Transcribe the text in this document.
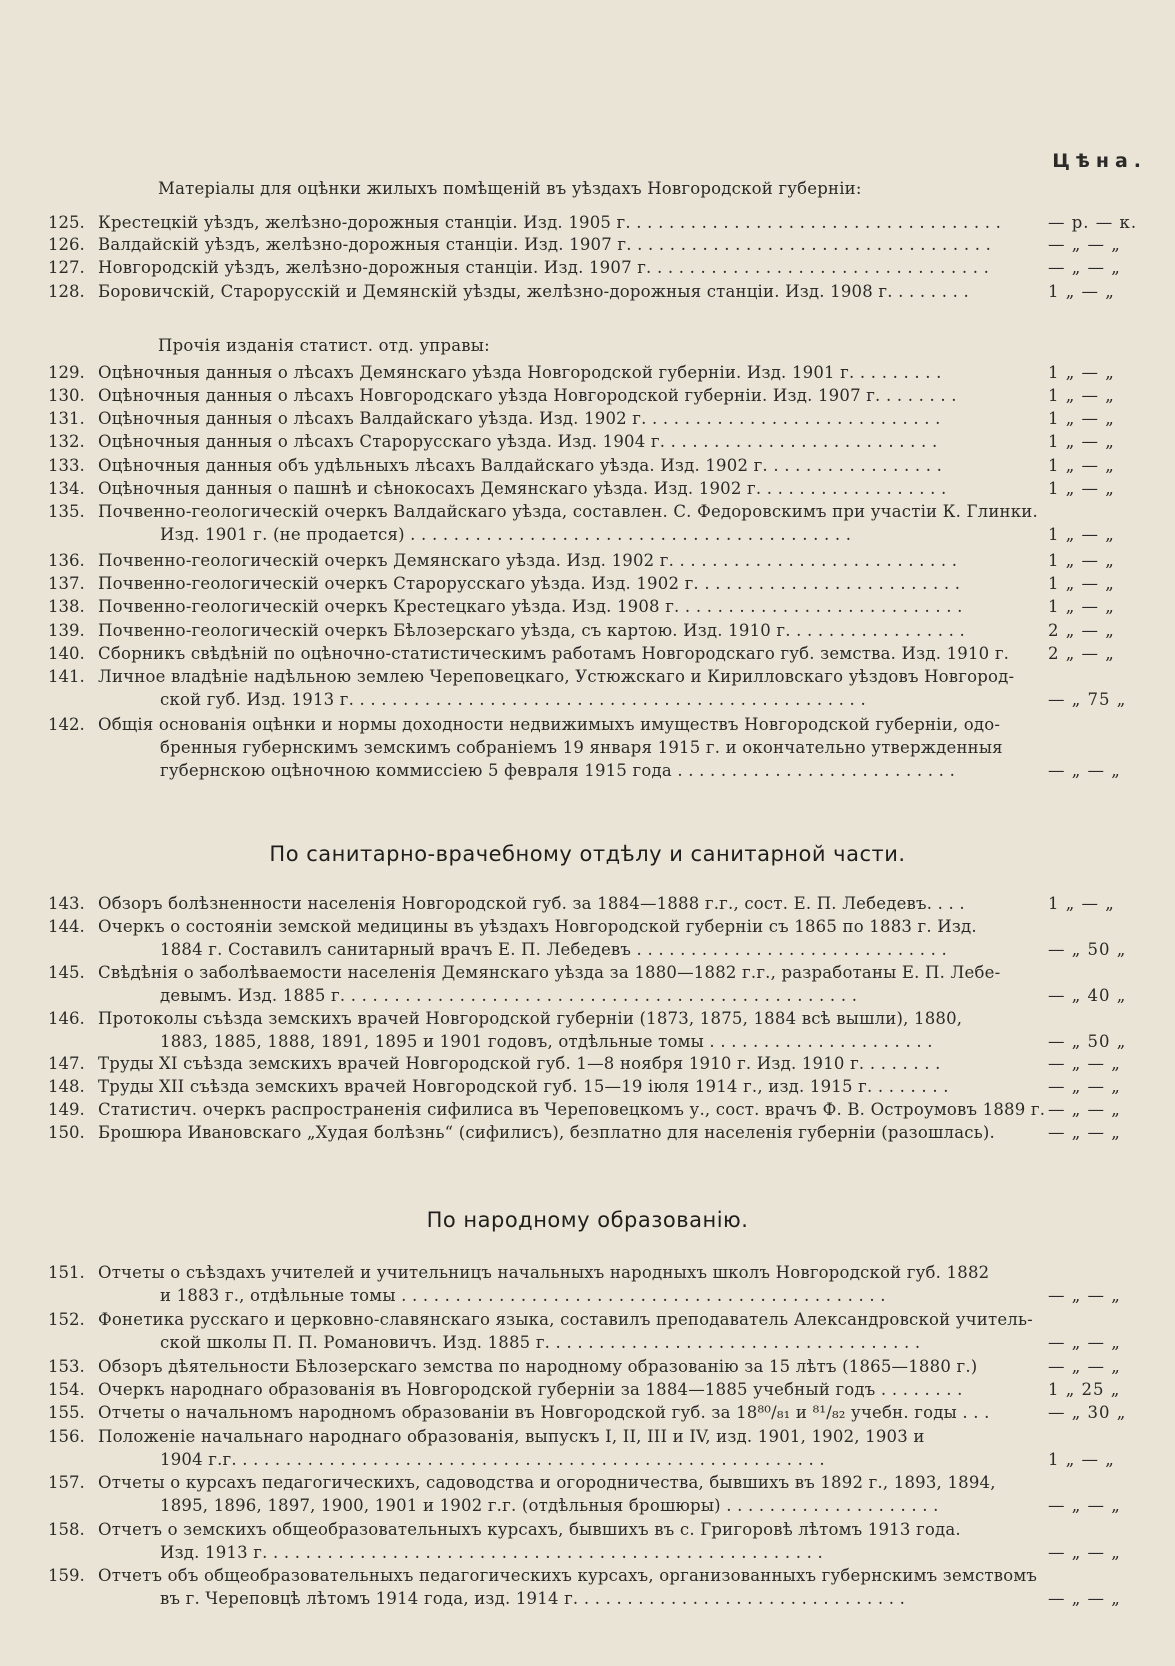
Цѣна.
Матеріалы для оцѣнки жилыхъ помѣщеній въ уѣздахъ Новгородской губерніи:
Прочія изданія статист. отд. управы:
По санитарно-врачебному отдѣлу и санитарной части.
По народному образованію.
125. Крестецкій уѣздъ, желѣзно-дорожныя станціи. Изд. 1905 г. . . . . . . . . . . . . . . . . . . . . . . . . . . . . . . . . . .	— р. — к.
126. Валдайскій уѣздъ, желѣзно-дорожныя станціи. Изд. 1907 г. . . . . . . . . . . . . . . . . . . . . . . . . . . . . . . . . .	— „ — „
127. Новгородскій уѣздъ, желѣзно-дорожныя станціи. Изд. 1907 г. . . . . . . . . . . . . . . . . . . . . . . . . . . . . . . .	— „ — „
128. Боровичскій, Старорусскій и Демянскій уѣзды, желѣзно-дорожныя станціи. Изд. 1908 г. . . . . . . .	1 „ — „
129. Оцѣночныя данныя о лѣсахъ Демянскаго уѣзда Новгородской губерніи. Изд. 1901 г. . . . . . . . .	1 „ — „
130. Оцѣночныя данныя о лѣсахъ Новгородскаго уѣзда Новгородской губерніи. Изд. 1907 г. . . . . . . .	1 „ — „
131. Оцѣночныя данныя о лѣсахъ Валдайскаго уѣзда. Изд. 1902 г. . . . . . . . . . . . . . . . . . . . . . . . . . . .	1 „ — „
132. Оцѣночныя данныя о лѣсахъ Старорусскаго уѣзда. Изд. 1904 г. . . . . . . . . . . . . . . . . . . . . . . . . .	1 „ — „
133. Оцѣночныя данныя объ удѣльныхъ лѣсахъ Валдайскаго уѣзда. Изд. 1902 г. . . . . . . . . . . . . . . . .	1 „ — „
134. Оцѣночныя данныя о пашнѣ и сѣнокосахъ Демянскаго уѣзда. Изд. 1902 г. . . . . . . . . . . . . . . . . .	1 „ — „
135. Почвенно-геологическій очеркъ Валдайскаго уѣзда, составлен. С. Федоровскимъ при участіи К. Глинки.
Изд. 1901 г. (не продается) . . . . . . . . . . . . . . . . . . . . . . . . . . . . . . . . . . . . . . . . .	1 „ — „
136. Почвенно-геологическій очеркъ Демянскаго уѣзда. Изд. 1902 г. . . . . . . . . . . . . . . . . . . . . . . . . . .	1 „ — „
137. Почвенно-геологическій очеркъ Старорусскаго уѣзда. Изд. 1902 г. . . . . . . . . . . . . . . . . . . . . . . . .	1 „ — „
138. Почвенно-геологическій очеркъ Крестецкаго уѣзда. Изд. 1908 г. . . . . . . . . . . . . . . . . . . . . . . . . . .	1 „ — „
139. Почвенно-геологическій очеркъ Бѣлозерскаго уѣзда, съ картою. Изд. 1910 г. . . . . . . . . . . . . . . . .	2 „ — „
140. Сборникъ свѣдѣній по оцѣночно-статистическимъ работамъ Новгородскаго губ. земства. Изд. 1910 г.	2 „ — „
141. Личное владѣніе надѣльною землею Череповецкаго, Устюжскаго и Кирилловскаго уѣздовъ Новгород-
ской губ. Изд. 1913 г. . . . . . . . . . . . . . . . . . . . . . . . . . . . . . . . . . . . . . . . . . . . . . . .	— „ 75 „
142. Общія основанія оцѣнки и нормы доходности недвижимыхъ имуществъ Новгородской губерніи, одо-
бренныя губернскимъ земскимъ собраніемъ 19 января 1915 г. и окончательно утвержденныя
губернскою оцѣночною коммиссіею 5 февраля 1915 года . . . . . . . . . . . . . . . . . . . . . . . . . .	— „ — „
143. Обзоръ болѣзненности населенія Новгородской губ. за 1884—1888 г.г., сост. Е. П. Лебедевъ. . . .	1 „ — „
144. Очеркъ о состояніи земской медицины въ уѣздахъ Новгородской губерніи съ 1865 по 1883 г. Изд.
1884 г. Составилъ санитарный врачъ Е. П. Лебедевъ . . . . . . . . . . . . . . . . . . . . . . . . . . . . .	— „ 50 „
145. Свѣдѣнія о заболѣваемости населенія Демянскаго уѣзда за 1880—1882 г.г., разработаны Е. П. Лебе-
девымъ. Изд. 1885 г. . . . . . . . . . . . . . . . . . . . . . . . . . . . . . . . . . . . . . . . . . . . . . . .	— „ 40 „
146. Протоколы съѣзда земскихъ врачей Новгородской губерніи (1873, 1875, 1884 всѣ вышли), 1880,
1883, 1885, 1888, 1891, 1895 и 1901 годовъ, отдѣльные томы . . . . . . . . . . . . . . . . . . . . .	— „ 50 „
147. Труды XI съѣзда земскихъ врачей Новгородской губ. 1—8 ноября 1910 г. Изд. 1910 г. . . . . . . .	— „ — „
148. Труды XII съѣзда земскихъ врачей Новгородской губ. 15—19 іюля 1914 г., изд. 1915 г. . . . . . . .	— „ — „
149. Статистич. очеркъ распространенія сифилиса въ Череповецкомъ у., сост. врачъ Ф. В. Остроумовъ 1889 г. — „ — „
150. Брошюра Ивановскаго „Худая болѣзнь“ (сифилисъ), безплатно для населенія губерніи (разошлась).	— „ — „
151. Отчеты о съѣздахъ учителей и учительницъ начальныхъ народныхъ школъ Новгородской губ. 1882
и 1883 г., отдѣльные томы . . . . . . . . . . . . . . . . . . . . . . . . . . . . . . . . . . . . . . . . . . . . .	— „ — „
152. Фонетика русскаго и церковно-славянскаго языка, составилъ преподаватель Александровской учитель-
ской школы П. П. Романовичъ. Изд. 1885 г. . . . . . . . . . . . . . . . . . . . . . . . . . . . . . . . . . .	— „ — „
153. Обзоръ дѣятельности Бѣлозерскаго земства по народному образованію за 15 лѣтъ (1865—1880 г.)	— „ — „
154. Очеркъ народнаго образованія въ Новгородской губерніи за 1884—1885 учебный годъ . . . . . . . .	1 „ 25 „
155. Отчеты о начальномъ народномъ образованіи въ Новгородской губ. за 18⁸⁰/₈₁ и ⁸¹/₈₂ учебн. годы . . .	— „ 30 „
156. Положеніе начальнаго народнаго образованія, выпускъ I, II, III и IV, изд. 1901, 1902, 1903 и
1904 г.г. . . . . . . . . . . . . . . . . . . . . . . . . . . . . . . . . . . . . . . . . . . . . . . . . . . . . . .	1 „ — „
157. Отчеты о курсахъ педагогическихъ, садоводства и огородничества, бывшихъ въ 1892 г., 1893, 1894,
1895, 1896, 1897, 1900, 1901 и 1902 г.г. (отдѣльныя брошюры) . . . . . . . . . . . . . . . . . . . .	— „ — „
158. Отчетъ о земскихъ общеобразовательныхъ курсахъ, бывшихъ въ с. Григоровѣ лѣтомъ 1913 года.
Изд. 1913 г. . . . . . . . . . . . . . . . . . . . . . . . . . . . . . . . . . . . . . . . . . . . . . . . . . . .	— „ — „
159. Отчетъ объ общеобразовательныхъ педагогическихъ курсахъ, организованныхъ губернскимъ земствомъ
въ г. Череповцѣ лѣтомъ 1914 года, изд. 1914 г. . . . . . . . . . . . . . . . . . . . . . . . . . . . . . .	— „ — „
